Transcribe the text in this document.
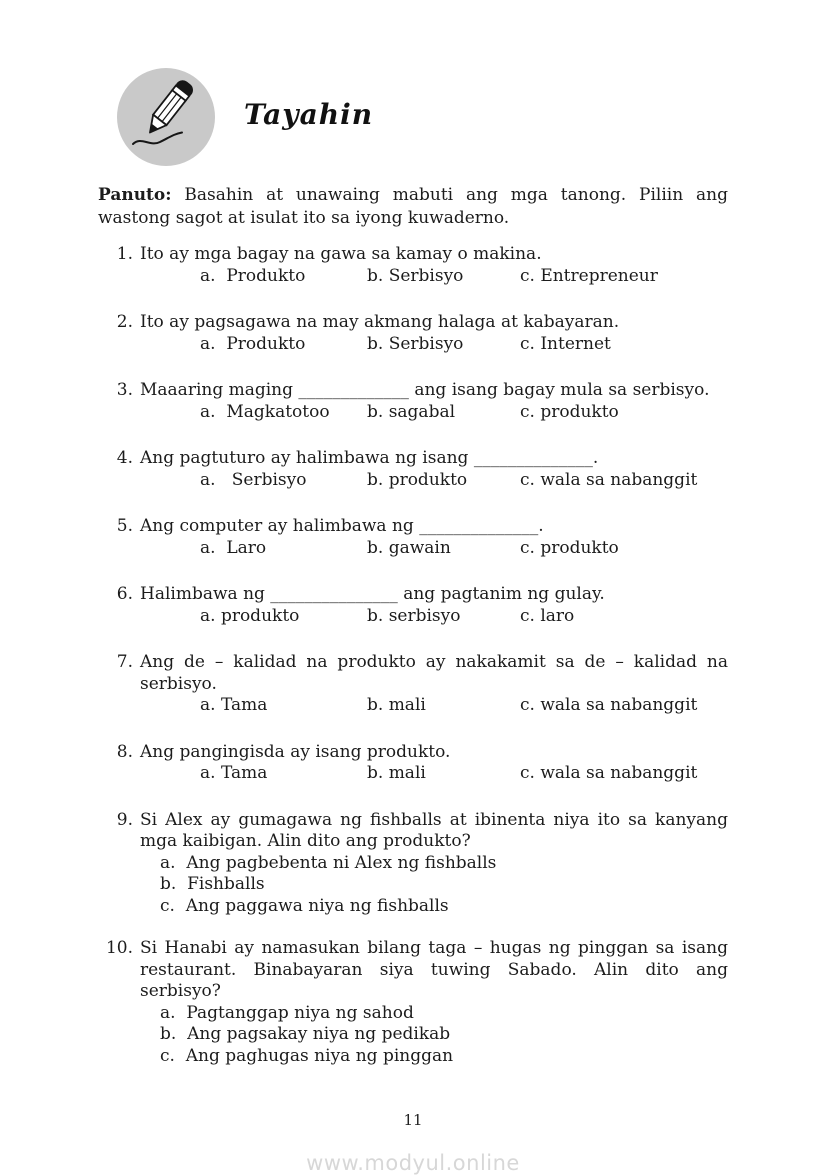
Tayahin

Panuto: Basahin at unawaing mabuti ang mga tanong. Piliin ang wastong sagot at isulat ito sa iyong kuwaderno.

1. Ito ay mga bagay na gawa sa kamay o makina.
a.  Produkto	b. Serbisyo	c. Entrepreneur
2. Ito ay pagsagawa na may akmang halaga at kabayaran.
a.  Produkto	b. Serbisyo	c. Internet
3. Maaaring maging _____________ ang isang bagay mula sa serbisyo.
a.  Magkatotoo	b. sagabal	c. produkto
4. Ang pagtuturo ay halimbawa ng isang ______________.
a.   Serbisyo	b. produkto	c. wala sa nabanggit
5. Ang computer ay halimbawa ng ______________.
a.  Laro	b. gawain	c. produkto
6. Halimbawa ng _______________ ang pagtanim ng gulay.
a. produkto	b. serbisyo	c. laro
7. Ang de – kalidad na produkto ay nakakamit sa de – kalidad na serbisyo.
a. Tama	b. mali	c. wala sa nabanggit
8. Ang pangingisda ay isang produkto.
a. Tama	b. mali	c. wala sa nabanggit
9. Si Alex ay gumagawa ng fishballs at ibinenta niya ito sa kanyang mga kaibigan. Alin dito ang produkto?
a.  Ang pagbebenta ni Alex ng fishballs
b.  Fishballs
c.  Ang paggawa niya ng fishballs
10. Si Hanabi ay namasukan bilang taga – hugas ng pinggan sa isang restaurant. Binabayaran siya tuwing Sabado. Alin dito ang serbisyo?
a.  Pagtanggap niya ng sahod
b.  Ang pagsakay niya ng pedikab
c.  Ang paghugas niya ng pinggan
11
www.modyul.online
